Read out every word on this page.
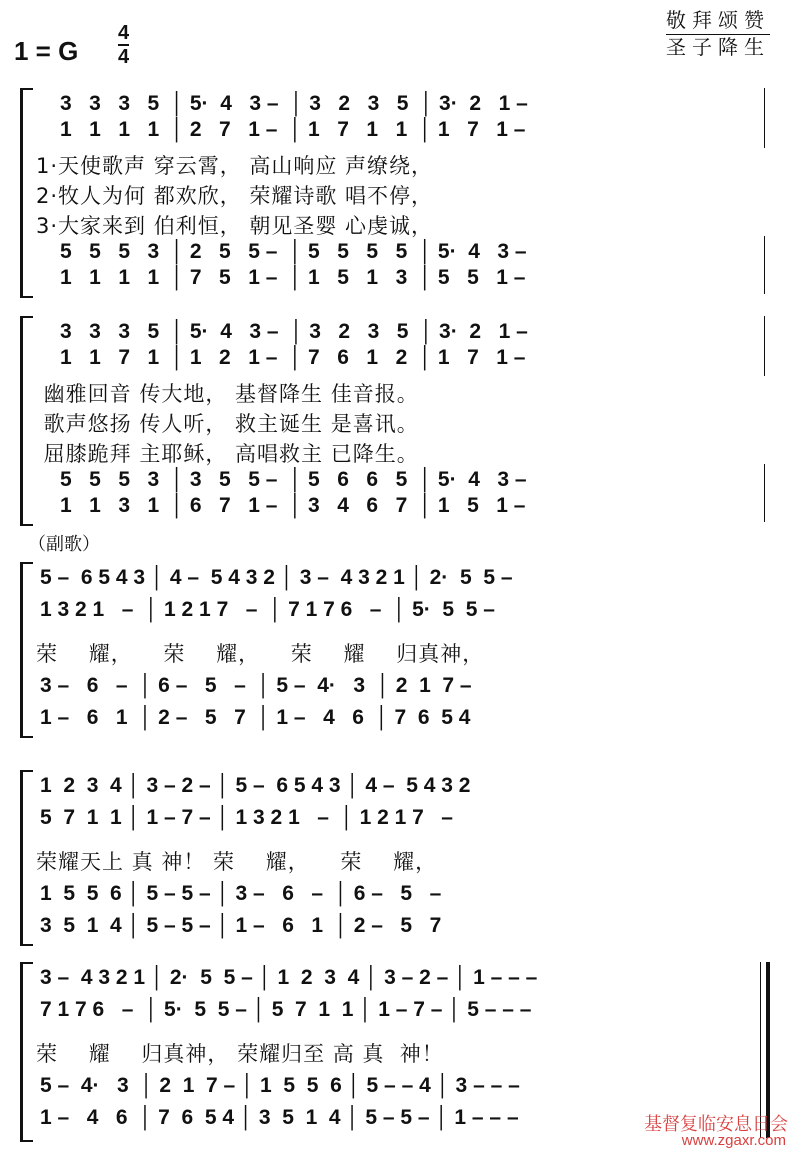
1 = G
4
4
敬拜颂赞
圣子降生
3   3   3   5  │ 5·  4   3 –  │ 3   2   3   5  │ 3·  2   1 –
1   1   1   1  │ 2   7   1 –  │ 1   7   1   1  │ 1   7   1 –
1·天使歌声 穿云霄， 高山响应 声缭绕，
2·牧人为何 都欢欣， 荣耀诗歌 唱不停，
3·大家来到 伯利恒， 朝见圣婴 心虔诚，
5   5   5   3  │ 2   5   5 –  │ 5   5   5   5  │ 5·  4   3 –
1   1   1   1  │ 7   5   1 –  │ 1   5   1   3  │ 5   5   1 –
3   3   3   5  │ 5·  4   3 –  │ 3   2   3   5  │ 3·  2   1 –
1   1   7   1  │ 1   2   1 –  │ 7   6   1   2  │ 1   7   1 –
幽雅回音 传大地， 基督降生 佳音报。
歌声悠扬 传人听， 救主诞生 是喜讯。
屈膝跪拜 主耶稣， 高唱救主 已降生。
5   5   5   3  │ 3   5   5 –  │ 5   6   6   5  │ 5·  4   3 –
1   1   3   1  │ 6   7   1 –  │ 3   4   6   7  │ 1   5   1 –
（副歌）
5 –  6 5 4 3 │ 4 –  5 4 3 2 │ 3 –  4 3 2 1 │ 2·  5  5 –
1 3 2 1   –  │ 1 2 1 7   –  │ 7 1 7 6   –  │ 5·  5  5 –
荣    耀，    荣    耀，    荣    耀    归真神，
3 –   6   –  │ 6 –   5   –  │ 5 –  4·   3  │ 2  1  7 –
1 –   6   1  │ 2 –   5   7  │ 1 –   4   6  │ 7  6  5 4
1  2  3  4 │ 3 – 2 – │ 5 –  6 5 4 3 │ 4 –  5 4 3 2
5  7  1  1 │ 1 – 7 – │ 1 3 2 1   –  │ 1 2 1 7   –
荣耀天上 真 神！ 荣    耀，    荣    耀，
1  5  5  6 │ 5 – 5 – │ 3 –   6   –  │ 6 –   5   –
3  5  1  4 │ 5 – 5 – │ 1 –   6   1  │ 2 –   5   7
3 –  4 3 2 1 │ 2·  5  5 – │ 1  2  3  4 │ 3 – 2 – │ 1 – – –
7 1 7 6   –  │ 5·  5  5 – │ 5  7  1  1 │ 1 – 7 – │ 5 – – –
荣    耀    归真神， 荣耀归至 高 真  神！
5 –  4·   3  │ 2  1  7 – │ 1  5  5  6 │ 5 – – 4 │ 3 – – –
1 –   4   6  │ 7  6  5 4 │ 3  5  1  4 │ 5 – 5 – │ 1 – – –	基督复临安息日会
www.zgaxr.com
